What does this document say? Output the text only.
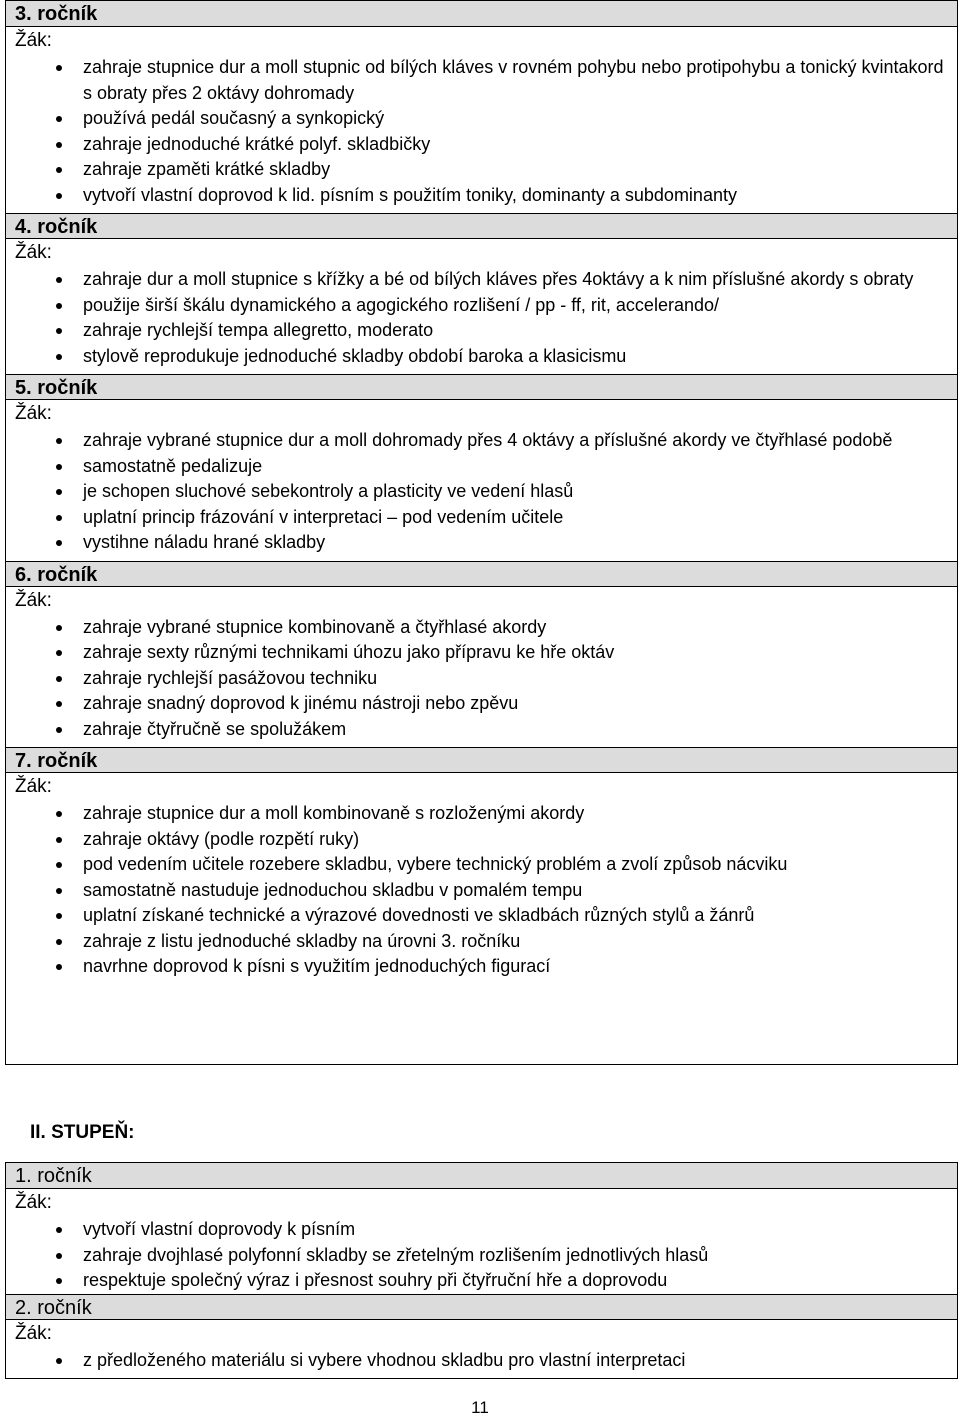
3. ročník
Žák:
zahraje stupnice dur a moll stupnic od bílých kláves v rovném pohybu nebo protipohybu a tonický kvintakord s obraty přes 2 oktávy dohromady
používá pedál současný a synkopický
zahraje jednoduché krátké polyf. skladbičky
zahraje zpaměti krátké skladby
vytvoří vlastní doprovod k lid. písním s použitím toniky, dominanty a subdominanty
4. ročník
Žák:
zahraje dur a moll stupnice s křížky a bé od bílých kláves přes 4oktávy a k nim příslušné akordy s obraty
použije širší škálu dynamického a agogického rozlišení / pp - ff, rit, accelerando/
zahraje rychlejší tempa allegretto, moderato
stylově reprodukuje jednoduché skladby období baroka a klasicismu
5. ročník
Žák:
zahraje vybrané stupnice dur a moll dohromady přes 4 oktávy a příslušné akordy ve čtyřhlasé podobě
samostatně pedalizuje
je schopen sluchové sebekontroly a plasticity ve vedení hlasů
uplatní princip frázování v interpretaci – pod vedením učitele
vystihne náladu hrané skladby
6. ročník
Žák:
zahraje vybrané stupnice kombinovaně a čtyřhlasé akordy
zahraje sexty různými technikami úhozu jako přípravu ke hře oktáv
zahraje rychlejší pasážovou techniku
zahraje snadný doprovod k jinému nástroji nebo zpěvu
zahraje čtyřručně se spolužákem
7. ročník
Žák:
zahraje stupnice dur a moll kombinovaně s rozloženými akordy
zahraje oktávy (podle rozpětí ruky)
pod vedením učitele rozebere skladbu, vybere technický problém a zvolí způsob nácviku
samostatně nastuduje jednoduchou skladbu v pomalém tempu
uplatní získané technické a výrazové dovednosti ve skladbách různých stylů a žánrů
zahraje z listu jednoduché skladby na úrovni 3. ročníku
navrhne doprovod k písni s využitím jednoduchých figurací
II. STUPEŇ:
1. ročník
Žák:
vytvoří vlastní doprovody k písním
zahraje dvojhlasé polyfonní skladby se zřetelným rozlišením jednotlivých hlasů
respektuje společný výraz i přesnost souhry při čtyřruční hře a doprovodu
2. ročník
Žák:
z předloženého materiálu si vybere vhodnou skladbu pro vlastní interpretaci
11
